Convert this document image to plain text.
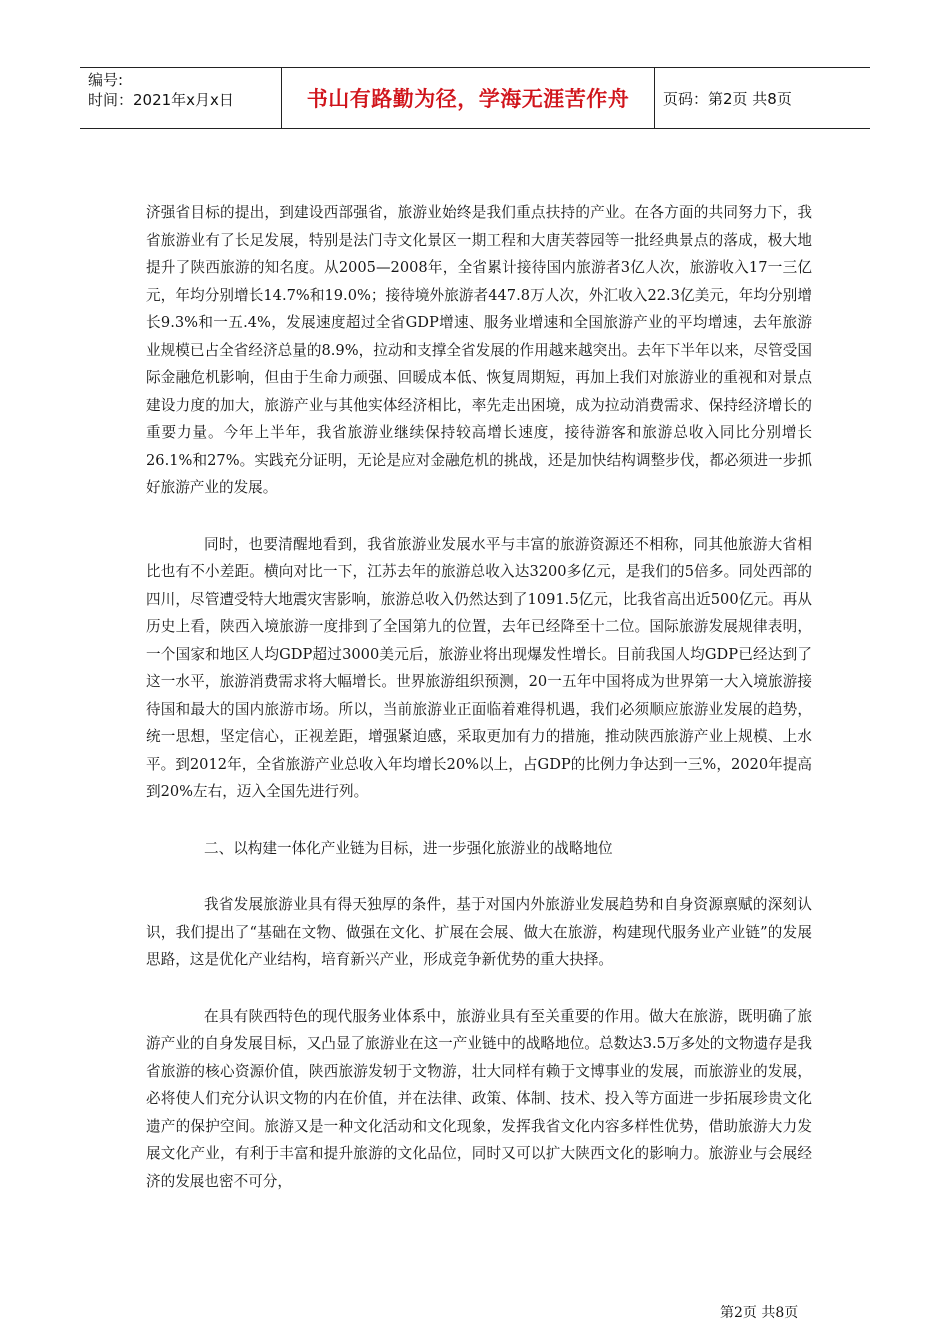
编号:
时间：2021年x月x日	书山有路勤为径，学海无涯苦作舟	页码：第2页 共8页

济强省目标的提出，到建设西部强省，旅游业始终是我们重点扶持的产业。在各方面的共同努力下，我省旅游业有了长足发展，特别是法门寺文化景区一期工程和大唐芙蓉园等一批经典景点的落成，极大地提升了陕西旅游的知名度。从2005—2008年，全省累计接待国内旅游者3亿人次，旅游收入17一三亿元，年均分别增长14.7%和19.0%；接待境外旅游者447.8万人次，外汇收入22.3亿美元，年均分别增长9.3%和一五.4%，发展速度超过全省GDP增速、服务业增速和全国旅游产业的平均增速，去年旅游业规模已占全省经济总量的8.9%，拉动和支撑全省发展的作用越来越突出。去年下半年以来，尽管受国际金融危机影响，但由于生命力顽强、回暖成本低、恢复周期短，再加上我们对旅游业的重视和对景点建设力度的加大，旅游产业与其他实体经济相比，率先走出困境，成为拉动消费需求、保持经济增长的重要力量。今年上半年，我省旅游业继续保持较高增长速度，接待游客和旅游总收入同比分别增长26.1%和27%。实践充分证明，无论是应对金融危机的挑战，还是加快结构调整步伐，都必须进一步抓好旅游产业的发展。

同时，也要清醒地看到，我省旅游业发展水平与丰富的旅游资源还不相称，同其他旅游大省相比也有不小差距。横向对比一下，江苏去年的旅游总收入达3200多亿元，是我们的5倍多。同处西部的四川，尽管遭受特大地震灾害影响，旅游总收入仍然达到了1091.5亿元，比我省高出近500亿元。再从历史上看，陕西入境旅游一度排到了全国第九的位置，去年已经降至十二位。国际旅游发展规律表明，一个国家和地区人均GDP超过3000美元后，旅游业将出现爆发性增长。目前我国人均GDP已经达到了这一水平，旅游消费需求将大幅增长。世界旅游组织预测，20一五年中国将成为世界第一大入境旅游接待国和最大的国内旅游市场。所以，当前旅游业正面临着难得机遇，我们必须顺应旅游业发展的趋势，统一思想，坚定信心，正视差距，增强紧迫感，采取更加有力的措施，推动陕西旅游产业上规模、上水平。到2012年，全省旅游产业总收入年均增长20%以上，占GDP的比例力争达到一三%，2020年提高到20%左右，迈入全国先进行列。

二、以构建一体化产业链为目标，进一步强化旅游业的战略地位

我省发展旅游业具有得天独厚的条件，基于对国内外旅游业发展趋势和自身资源禀赋的深刻认识，我们提出了“基础在文物、做强在文化、扩展在会展、做大在旅游，构建现代服务业产业链”的发展思路，这是优化产业结构，培育新兴产业，形成竞争新优势的重大抉择。

在具有陕西特色的现代服务业体系中，旅游业具有至关重要的作用。做大在旅游，既明确了旅游产业的自身发展目标，又凸显了旅游业在这一产业链中的战略地位。总数达3.5万多处的文物遗存是我省旅游的核心资源价值，陕西旅游发轫于文物游，壮大同样有赖于文博事业的发展，而旅游业的发展，必将使人们充分认识文物的内在价值，并在法律、政策、体制、技术、投入等方面进一步拓展珍贵文化遗产的保护空间。旅游又是一种文化活动和文化现象，发挥我省文化内容多样性优势，借助旅游大力发展文化产业，有利于丰富和提升旅游的文化品位，同时又可以扩大陕西文化的影响力。旅游业与会展经济的发展也密不可分，

第2页 共8页
